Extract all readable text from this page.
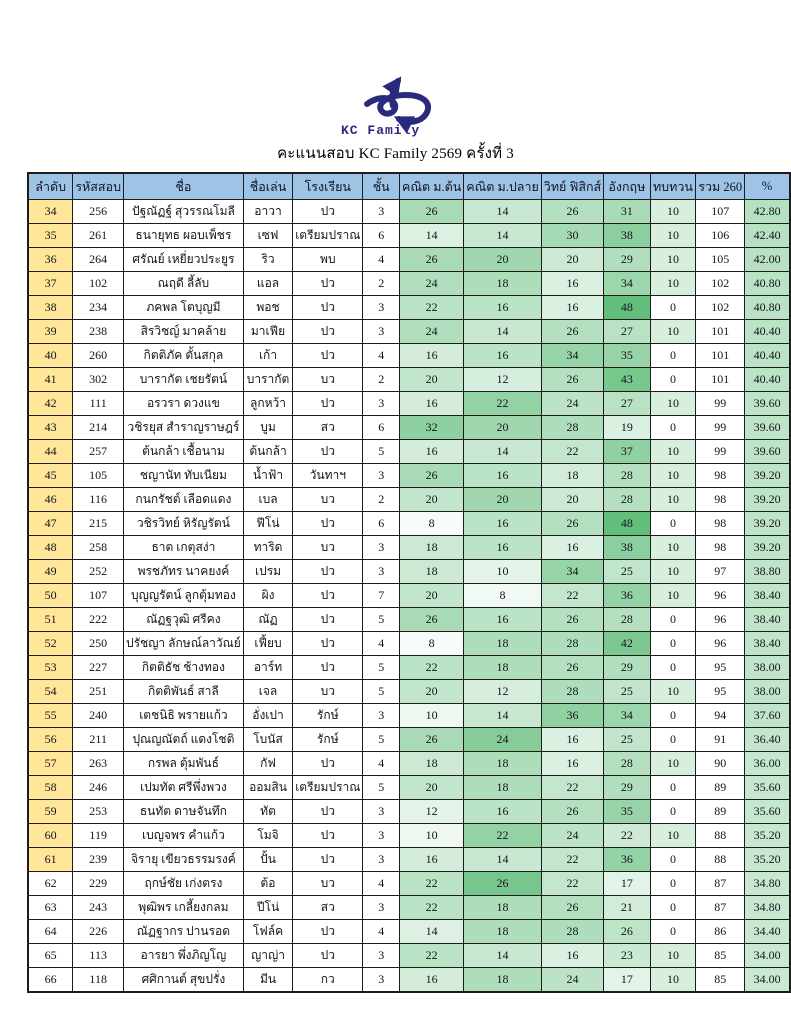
KC Family
คะแนนสอบ KC Family 2569 ครั้งที่ 3
ลำดับ	รหัสสอบ	ชื่อ	ชื่อเล่น	โรงเรียน	ชั้น	คณิต ม.ต้น	คณิต ม.ปลาย	วิทย์ ฟิสิกส์	อังกฤษ	ทบทวน	รวม 260	%
34	256	ปัฐณัฏฐ์ สุวรรณโมลี	อาวา	ปว	3	26	14	26	31	10	107	42.80
35	261	ธนายุทธ ผอบเพ็ชร	เซฟ	เตรียมปราณ	6	14	14	30	38	10	106	42.40
36	264	ศรัณย์ เหยี่ยวประยูร	ริว	พบ	4	26	20	20	29	10	105	42.00
37	102	ณฤดี ลี้ลับ	แอล	ปว	2	24	18	16	34	10	102	40.80
38	234	ภคพล โตบุญมี	พอช	ปว	3	22	16	16	48	0	102	40.80
39	238	สิรวิชญ์ มาคล้าย	มาเฟีย	ปว	3	24	14	26	27	10	101	40.40
40	260	กิตติภัค ตั้นสกุล	เก้า	ปว	4	16	16	34	35	0	101	40.40
41	302	บารากัต เชยรัตน์	บารากัต	บว	2	20	12	26	43	0	101	40.40
42	111	อรวรา ดวงแข	ลูกหว้า	ปว	3	16	22	24	27	10	99	39.60
43	214	วชิรยุส สำราญราษฎร์	บูม	สว	6	32	20	28	19	0	99	39.60
44	257	ต้นกล้า เชื้อนาม	ต้นกล้า	ปว	5	16	14	22	37	10	99	39.60
45	105	ชญานัท ทับเนียม	น้ำฟ้า	วันทาฯ	3	26	16	18	28	10	98	39.20
46	116	กนกรัชต์ เลือดแดง	เบล	บว	2	20	20	20	28	10	98	39.20
47	215	วชิรวิทย์ หิรัญรัตน์	ฟีโน่	ปว	6	8	16	26	48	0	98	39.20
48	258	ธาต เกตุสง่า	ทาริด	บว	3	18	16	16	38	10	98	39.20
49	252	พรชภัทร นาคยงค์	เปรม	ปว	3	18	10	34	25	10	97	38.80
50	107	บุญญรัตน์ ลูกตุ้มทอง	ผิง	ปว	7	20	8	22	36	10	96	38.40
51	222	ณัฏฐวุฒิ ศรีคง	ณัฏ	ปว	5	26	16	26	28	0	96	38.40
52	250	ปรัชญา ลักษณ์ลาวัณย์	เฟี้ยบ	ปว	4	8	18	28	42	0	96	38.40
53	227	กิตติธัช ช้างทอง	อาร์ท	ปว	5	22	18	26	29	0	95	38.00
54	251	กิตติพันธ์ สาลี	เจล	บว	5	20	12	28	25	10	95	38.00
55	240	เตชนิธิ พรายแก้ว	อั่งเปา	รักษ์	3	10	14	36	34	0	94	37.60
56	211	ปุณญณัตถ์ แดงโชติ	โบนัส	รักษ์	5	26	24	16	25	0	91	36.40
57	263	กรพล ตุ้มพันธ์	กัฟ	ปว	4	18	18	16	28	10	90	36.00
58	246	เปมทัต ศรีพึ่งพวง	ออมสิน	เตรียมปราณ	5	20	18	22	29	0	89	35.60
59	253	ธนทัต ดาษจันทึก	ทัต	ปว	3	12	16	26	35	0	89	35.60
60	119	เบญจพร คำแก้ว	โมจิ	ปว	3	10	22	24	22	10	88	35.20
61	239	จิรายุ เขียวธรรมรงค์	ปั้น	ปว	3	16	14	22	36	0	88	35.20
62	229	ฤกษ์ชัย เก่งตรง	ต้อ	บว	4	22	26	22	17	0	87	34.80
63	243	พุฒิพร เกลี้ยงกลม	ปีโน่	สว	3	22	18	26	21	0	87	34.80
64	226	ณัฏฐากร ปานรอด	โฟล์ค	ปว	4	14	18	28	26	0	86	34.40
65	113	อารยา พึ่งภิญโญ	ญาญ่า	ปว	3	22	14	16	23	10	85	34.00
66	118	ศศิกานต์ สุขปรั่ง	มีน	กว	3	16	18	24	17	10	85	34.00
